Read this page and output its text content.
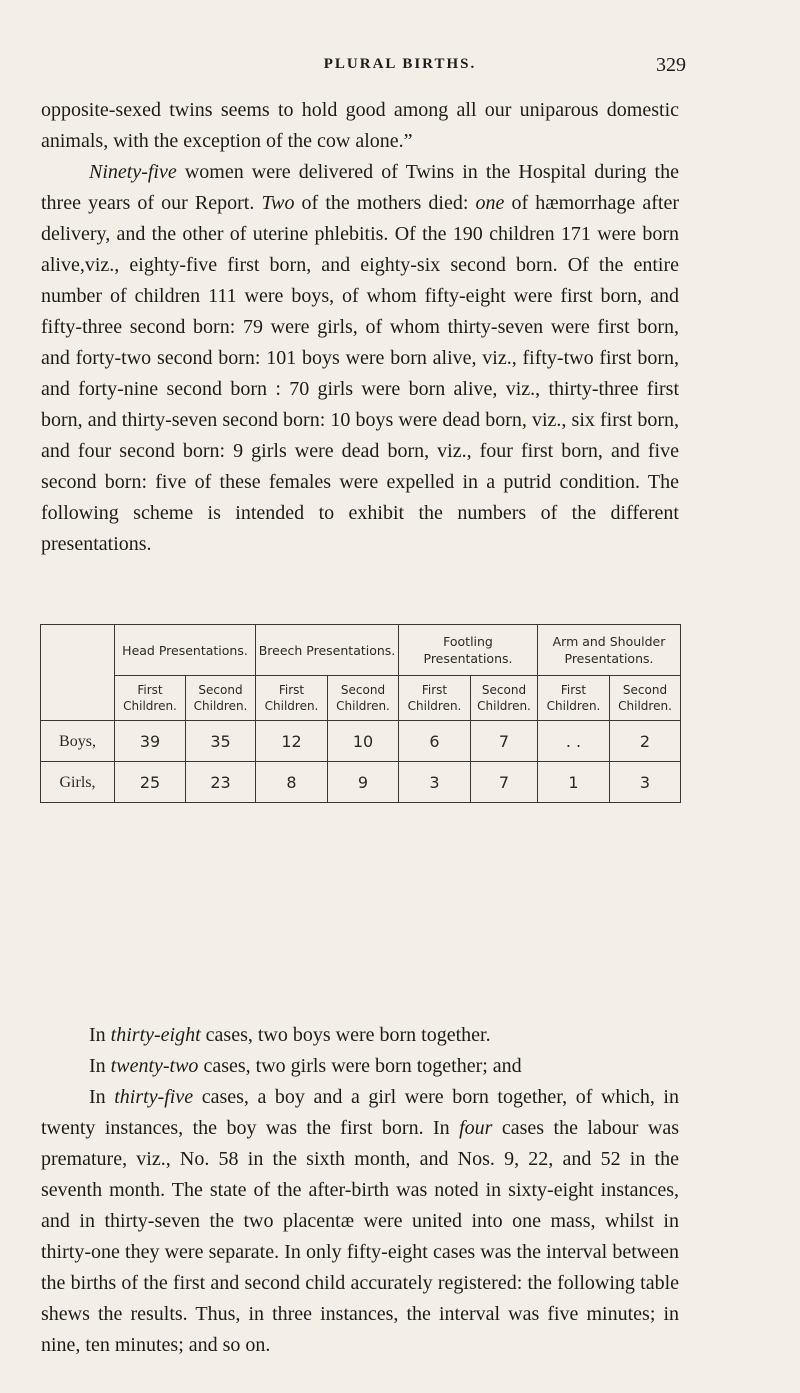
PLURAL BIRTHS.	329

opposite-sexed twins seems to hold good among all our uniparous domestic animals, with the exception of the cow alone.”

Ninety-five women were delivered of Twins in the Hospital during the three years of our Report. Two of the mothers died: one of hæmorrhage after delivery, and the other of uterine phlebitis. Of the 190 children 171 were born alive,viz., eighty-five first born, and eighty-six second born. Of the entire number of children 111 were boys, of whom fifty-eight were first born, and fifty-three second born: 79 were girls, of whom thirty-seven were first born, and forty-two second born: 101 boys were born alive, viz., fifty-two first born, and forty-nine second born : 70 girls were born alive, viz., thirty-three first born, and thirty-seven second born: 10 boys were dead born, viz., six first born, and four second born: 9 girls were dead born, viz., four first born, and five second born: five of these females were expelled in a putrid condition. The following scheme is intended to exhibit the numbers of the different presentations.

	Head Presentations.		Breech Presentations.		Footling Presentations.		Arm and Shoulder Presentations.	
	First Children.	Second Children.	First Children.	Second Children.	First Children.	Second Children.	First Children.	Second Children.
Boys,	39	35	12	10	6	7	. .	2
Girls,	25	23	8	9	3	7	1	3

In thirty-eight cases, two boys were born together.

In twenty-two cases, two girls were born together; and

In thirty-five cases, a boy and a girl were born together, of which, in twenty instances, the boy was the first born. In four cases the labour was premature, viz., No. 58 in the sixth month, and Nos. 9, 22, and 52 in the seventh month. The state of the after-birth was noted in sixty-eight instances, and in thirty-seven the two placentæ were united into one mass, whilst in thirty-one they were separate. In only fifty-eight cases was the interval between the births of the first and second child accurately registered: the following table shews the results. Thus, in three instances, the interval was five minutes; in nine, ten minutes; and so on.
